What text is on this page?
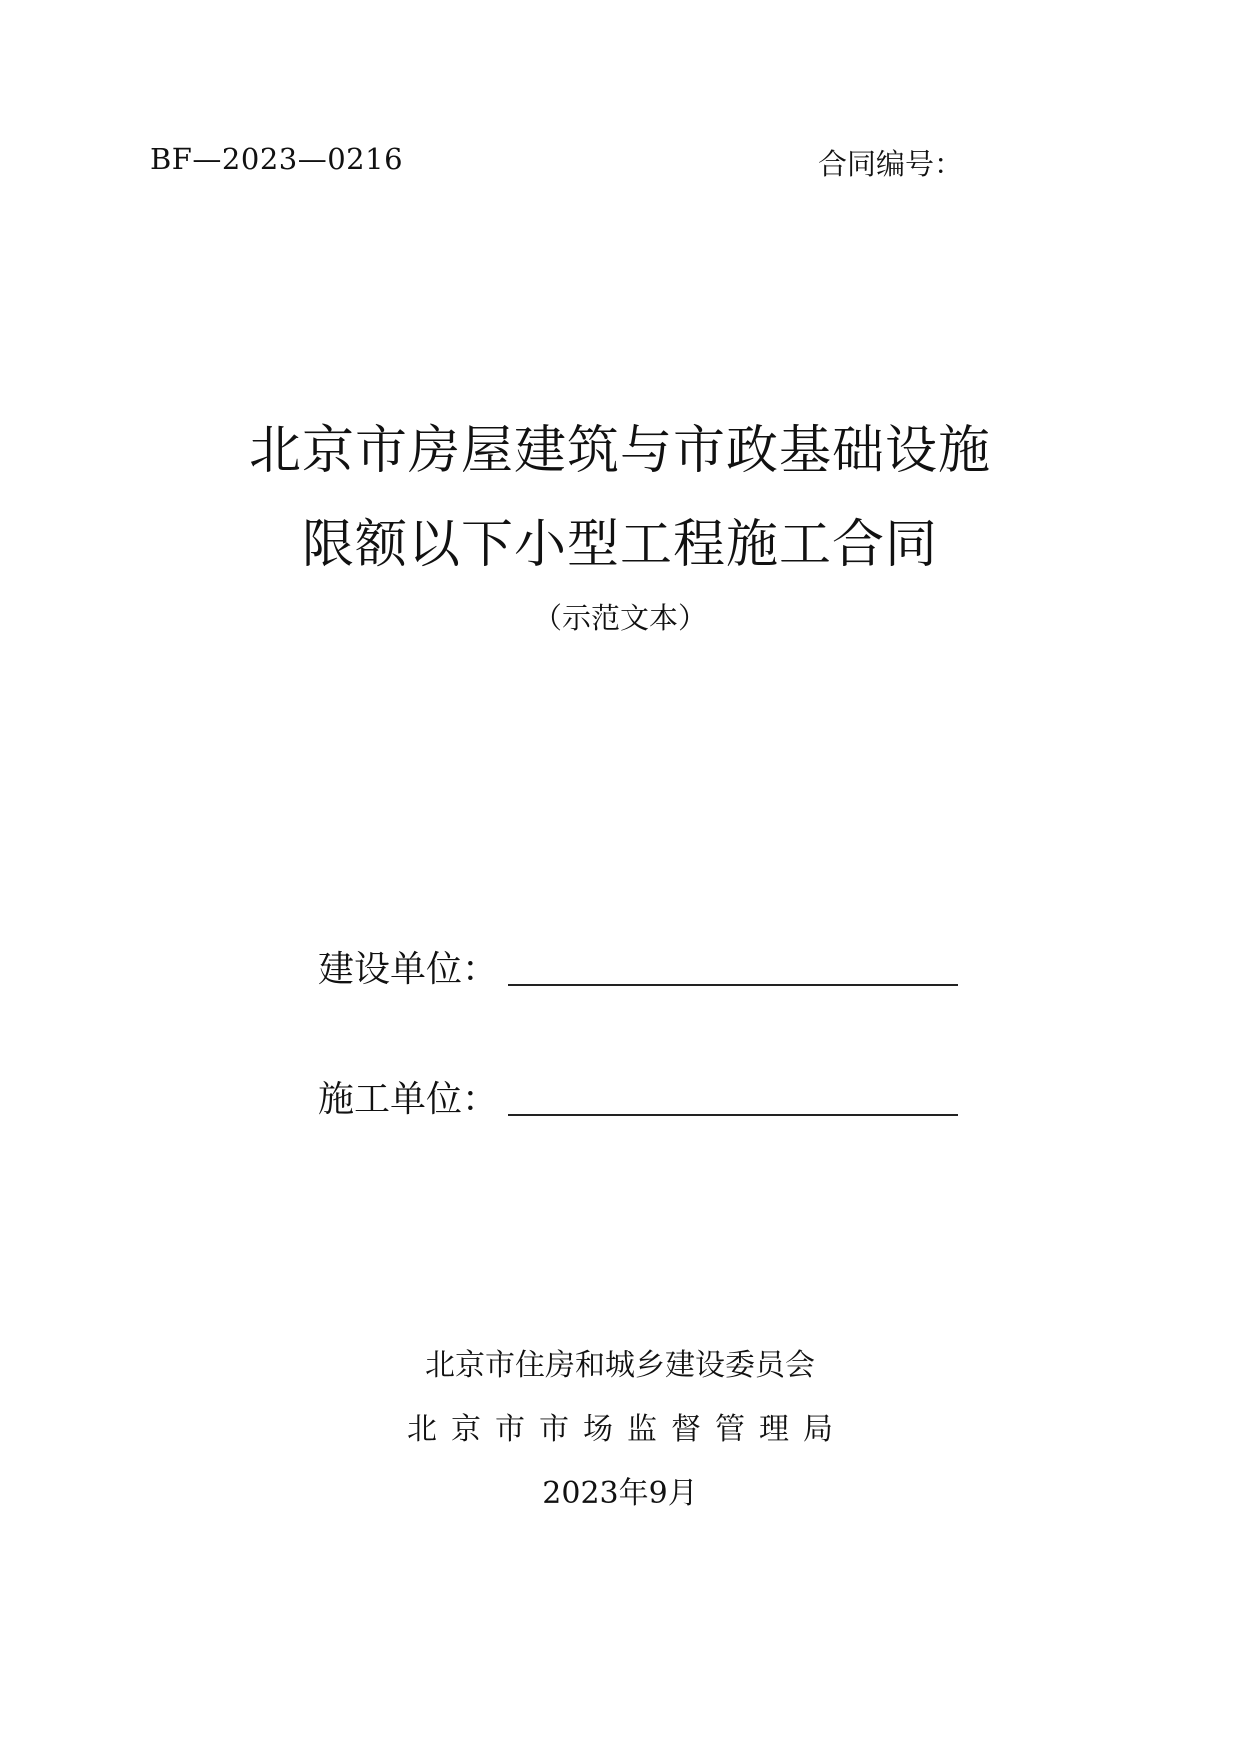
BF—2023—0216	合同编号：
北京市房屋建筑与市政基础设施
限额以下小型工程施工合同
（示范文本）
建设单位：
施工单位：
北京市住房和城乡建设委员会
北京市市场监督管理局
2023年9月
